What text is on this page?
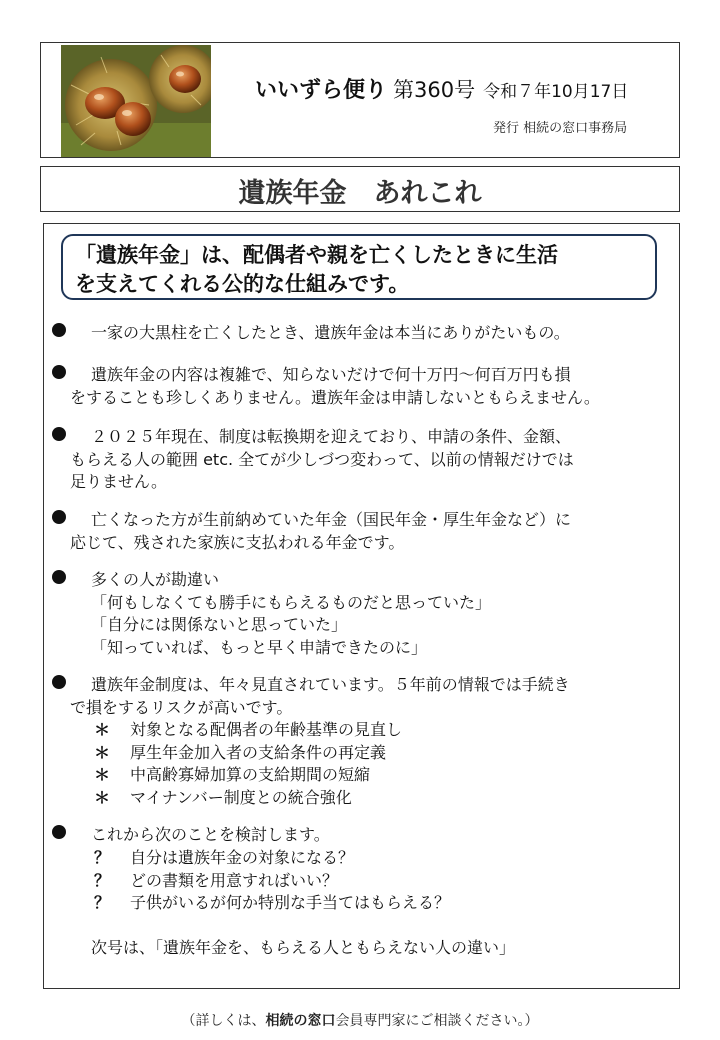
いいずら便り 第360号 令和７年10月17日
発行 相続の窓口事務局
遺族年金　あれこれ
「遺族年金」は、配偶者や親を亡くしたときに生活
を支えてくれる公的な仕組みです。
一家の大黒柱を亡くしたとき、遺族年金は本当にありがたいもの。
遺族年金の内容は複雑で、知らないだけで何十万円〜何百万円も損
をすることも珍しくありません。遺族年金は申請しないともらえません。
２０２５年現在、制度は転換期を迎えており、申請の条件、金額、
もらえる人の範囲 etc. 全てが少しづつ変わって、以前の情報だけでは
足りません。
亡くなった方が生前納めていた年金（国民年金・厚生年金など）に
応じて、残された家族に支払われる年金です。
多くの人が勘違い
「何もしなくても勝手にもらえるものだと思っていた」
「自分には関係ないと思っていた」
「知っていれば、もっと早く申請できたのに」
遺族年金制度は、年々見直されています。５年前の情報では手続き
で損をするリスクが高いです。
＊ 対象となる配偶者の年齢基準の見直し
＊ 厚生年金加入者の支給条件の再定義
＊ 中高齢寡婦加算の支給期間の短縮
＊ マイナンバー制度との統合強化
これから次のことを検討します。
？ 自分は遺族年金の対象になる？
？ どの書類を用意すればいい？
？ 子供がいるが何か特別な手当てはもらえる？
次号は、「遺族年金を、もらえる人ともらえない人の違い」
（詳しくは、相続の窓口会員専門家にご相談ください。）
